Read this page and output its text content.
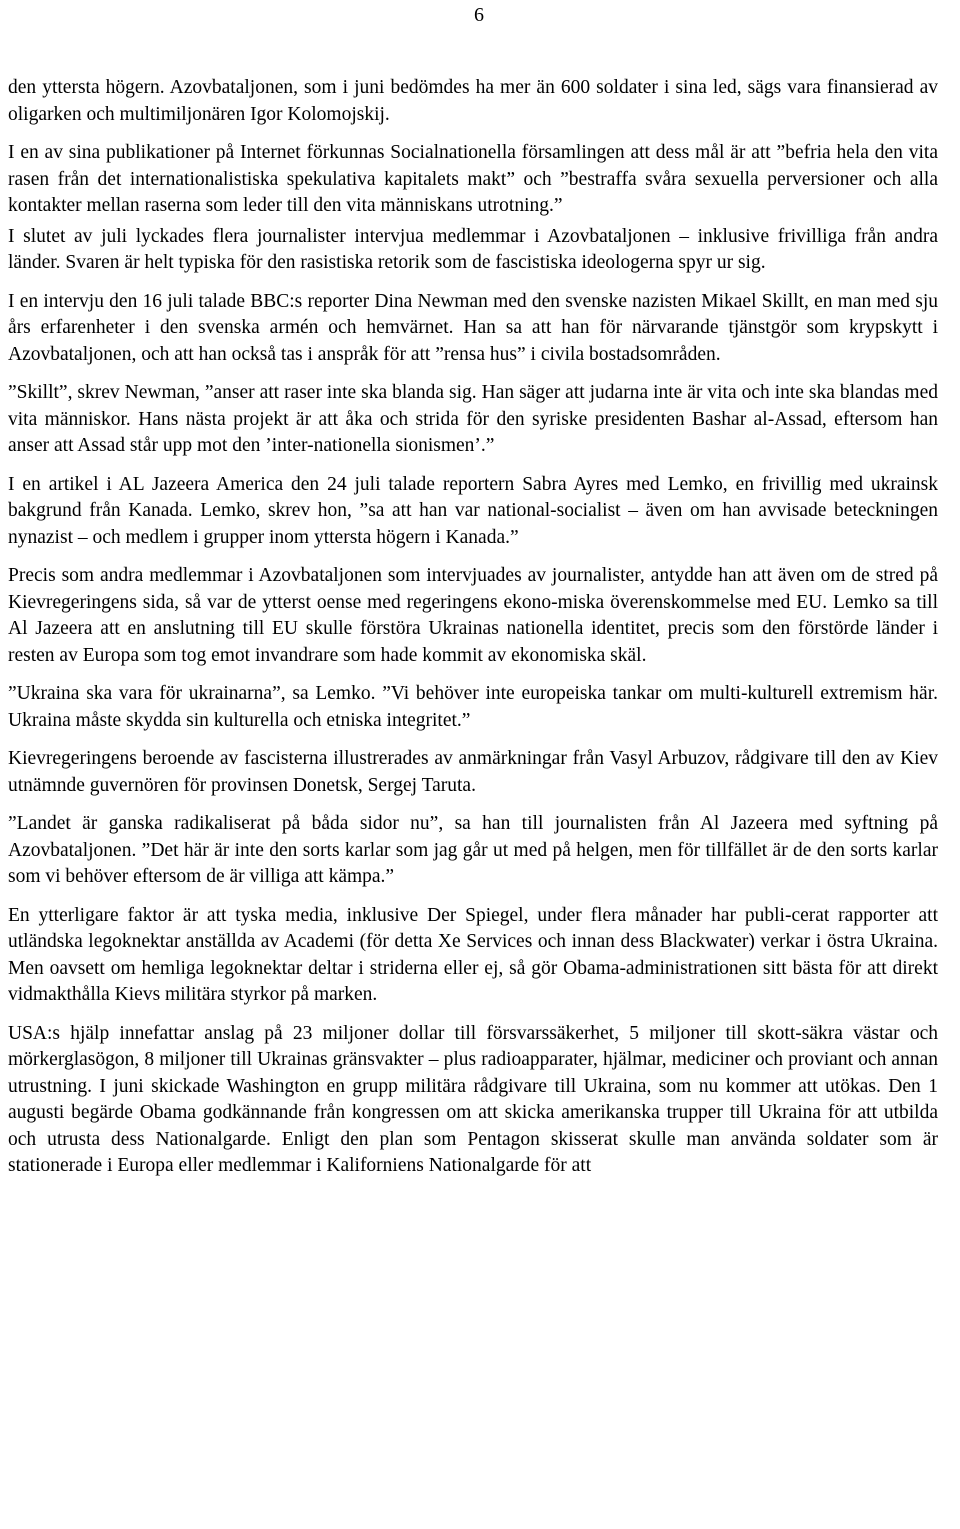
6

den yttersta högern. Azovbataljonen, som i juni bedömdes ha mer än 600 soldater i sina led, sägs vara finansierad av oligarken och multimiljonären Igor Kolomojskij.

I en av sina publikationer på Internet förkunnas Socialnationella församlingen att dess mål är att ”befria hela den vita rasen från det internationalistiska spekulativa kapitalets makt” och ”bestraffa svåra sexuella perversioner och alla kontakter mellan raserna som leder till den vita människans utrotning.”

I slutet av juli lyckades flera journalister intervjua medlemmar i Azovbataljonen – inklusive frivilliga från andra länder. Svaren är helt typiska för den rasistiska retorik som de fascistiska ideologerna spyr ur sig.

I en intervju den 16 juli talade BBC:s reporter Dina Newman med den svenske nazisten Mikael Skillt, en man med sju års erfarenheter i den svenska armén och hemvärnet. Han sa att han för närvarande tjänstgör som krypskytt i Azovbataljonen, och att han också tas i anspråk för att ”rensa hus” i civila bostadsområden.

”Skillt”, skrev Newman, ”anser att raser inte ska blanda sig. Han säger att judarna inte är vita och inte ska blandas med vita människor. Hans nästa projekt är att åka och strida för den syriske presidenten Bashar al-Assad, eftersom han anser att Assad står upp mot den ’inter-nationella sionismen’.”

I en artikel i AL Jazeera America den 24 juli talade reportern Sabra Ayres med Lemko, en frivillig med ukrainsk bakgrund från Kanada. Lemko, skrev hon, ”sa att han var national-socialist – även om han avvisade beteckningen nynazist – och medlem i grupper inom yttersta högern i Kanada.”

Precis som andra medlemmar i Azovbataljonen som intervjuades av journalister, antydde han att även om de stred på Kievregeringens sida, så var de ytterst oense med regeringens ekono-miska överenskommelse med EU. Lemko sa till Al Jazeera att en anslutning till EU skulle förstöra Ukrainas nationella identitet, precis som den förstörde länder i resten av Europa som tog emot invandrare som hade kommit av ekonomiska skäl.

”Ukraina ska vara för ukrainarna”, sa Lemko. ”Vi behöver inte europeiska tankar om multi-kulturell extremism här. Ukraina måste skydda sin kulturella och etniska integritet.”

Kievregeringens beroende av fascisterna illustrerades av anmärkningar från Vasyl Arbuzov, rådgivare till den av Kiev utnämnde guvernören för provinsen Donetsk, Sergej Taruta.

”Landet är ganska radikaliserat på båda sidor nu”, sa han till journalisten från Al Jazeera med syftning på Azovbataljonen. ”Det här är inte den sorts karlar som jag går ut med på helgen, men för tillfället är de den sorts karlar som vi behöver eftersom de är villiga att kämpa.”

En ytterligare faktor är att tyska media, inklusive Der Spiegel, under flera månader har publi-cerat rapporter att utländska legoknektar anställda av Academi (för detta Xe Services och innan dess Blackwater) verkar i östra Ukraina. Men oavsett om hemliga legoknektar deltar i striderna eller ej, så gör Obama-administrationen sitt bästa för att direkt vidmakthålla Kievs militära styrkor på marken.

USA:s hjälp innefattar anslag på 23 miljoner dollar till försvarssäkerhet, 5 miljoner till skott-säkra västar och mörkerglasögon, 8 miljoner till Ukrainas gränsvakter – plus radioapparater, hjälmar, mediciner och proviant och annan utrustning. I juni skickade Washington en grupp militära rådgivare till Ukraina, som nu kommer att utökas. Den 1 augusti begärde Obama godkännande från kongressen om att skicka amerikanska trupper till Ukraina för att utbilda och utrusta dess Nationalgarde. Enligt den plan som Pentagon skisserat skulle man använda soldater som är stationerade i Europa eller medlemmar i Kaliforniens Nationalgarde för att
